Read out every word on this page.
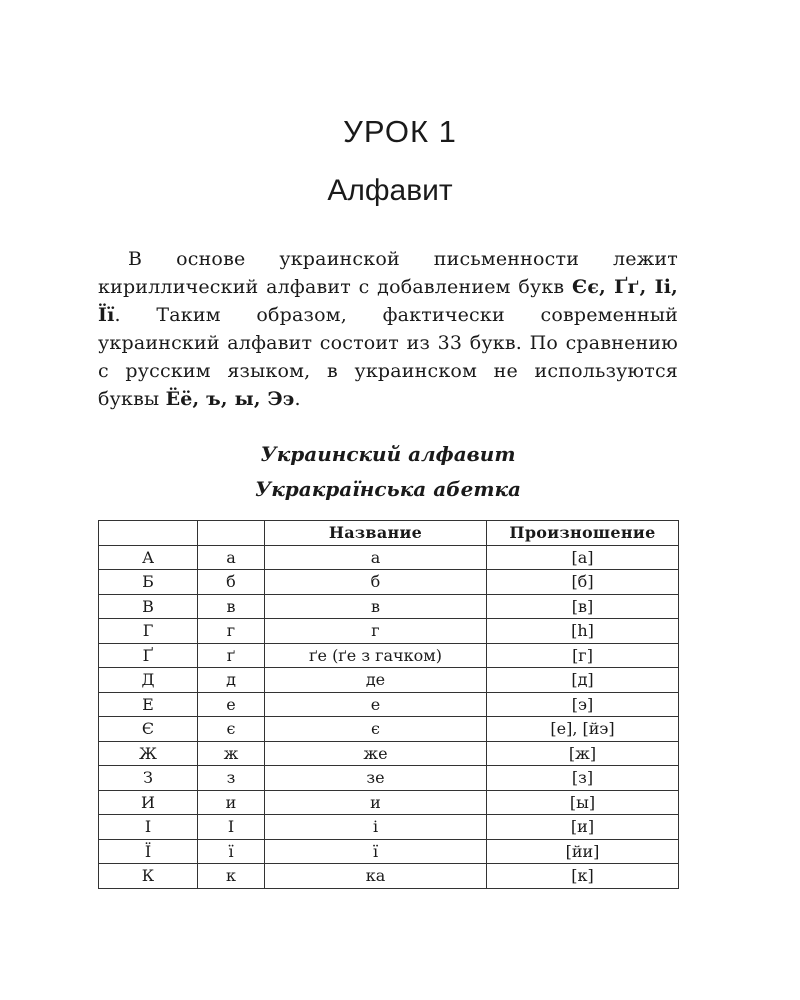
УРОК 1
Алфавит

В основе украинской письменности лежит кириллический алфавит с добавлением букв Єє, Ґґ, Іі, Її. Таким образом, фактически современный украинский алфавит состоит из 33 букв. По сравнению с русским языком, в украинском не используются буквы Ёё, ъ, ы, Ээ.

Украинский алфавит

Укракраїнська абетка

		Название	Произношение
А	а	а	[а]
Б	б	б	[б]
В	в	в	[в]
Г	г	г	[h]
Ґ	ґ	ґе (ґе з гачком)	[г]
Д	д	де	[д]
Е	е	е	[э]
Є	є	є	[е], [йэ]
Ж	ж	же	[ж]
З	з	зе	[з]
И	и	и	[ы]
І	І	і	[и]
Ї	ї	ї	[йи]
К	к	ка	[к]
